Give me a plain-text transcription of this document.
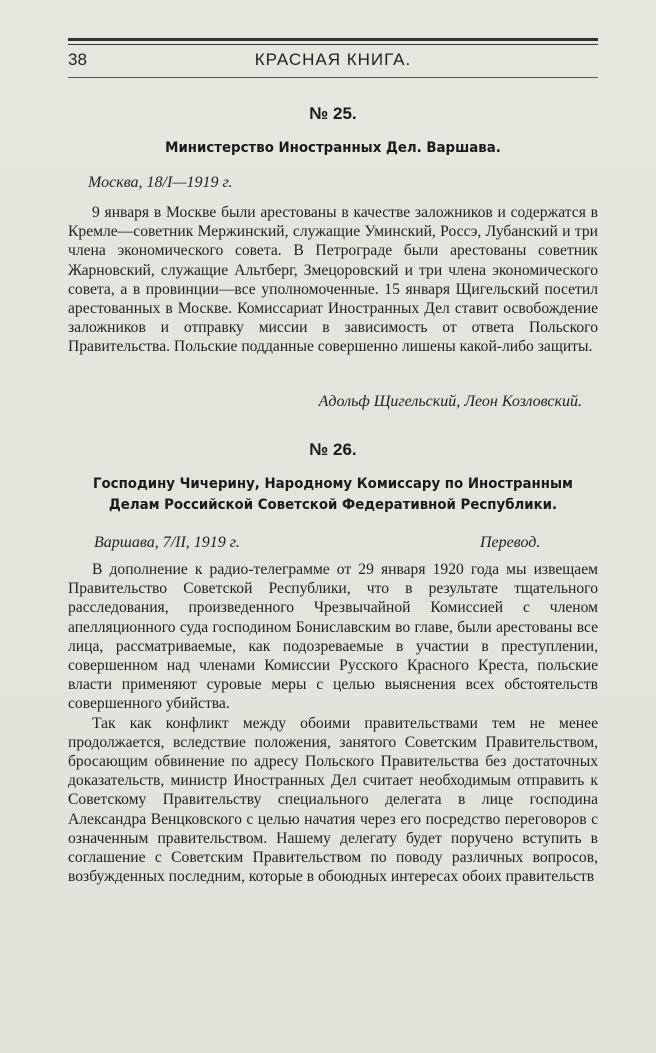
38	КРАСНАЯ КНИГА.
№ 25.
Министерство Иностранных Дел. Варшава.
Москва, 18/I—1919 г.

9 января в Москве были арестованы в качестве заложников и содержатся в Кремле—советник Мержинский, служащие Уминский, Россэ, Лубанский и три члена экономического совета. В Петрограде были арестованы советник Жарновский, служащие Альтберг, Змецоровский и три члена экономического совета, а в провинции—все уполномоченные. 15 января Щигельский посетил арестованных в Москве. Комиссариат Иностранных Дел ставит освобождение заложников и отправку миссии в зависимость от ответа Польского Правительства. Польские подданные совершенно лишены какой-либо защиты.

Адольф Щигельский, Леон Козловский.
№ 26.
Господину Чичерину, Народному Комиссару по Иностранным
Делам Российской Советской Федеративной Республики.
Варшава, 7/II, 1919 г.	Перевод.

В дополнение к радио-телеграмме от 29 января 1920 года мы извещаем Правительство Советской Республики, что в результате тщательного расследования, произведенного Чрезвычайной Комиссией с членом апелляционного суда господином Бониславским во главе, были арестованы все лица, рассматриваемые, как подозреваемые в участии в преступлении, совершенном над членами Комиссии Русского Красного Креста, польские власти применяют суровые меры с целью выяснения всех обстоятельств совершенного убийства.

Так как конфликт между обоими правительствами тем не менее продолжается, вследствие положения, занятого Советским Правительством, бросающим обвинение по адресу Польского Правительства без достаточных доказательств, министр Иностранных Дел считает необходимым отправить к Советскому Правительству специального делегата в лице господина Александра Венцковского с целью начатия через его посредство переговоров с означенным правительством. Нашему делегату будет поручено вступить в соглашение с Советским Правительством по поводу различных вопросов, возбужденных последним, которые в обоюдных интересах обоих правительств
